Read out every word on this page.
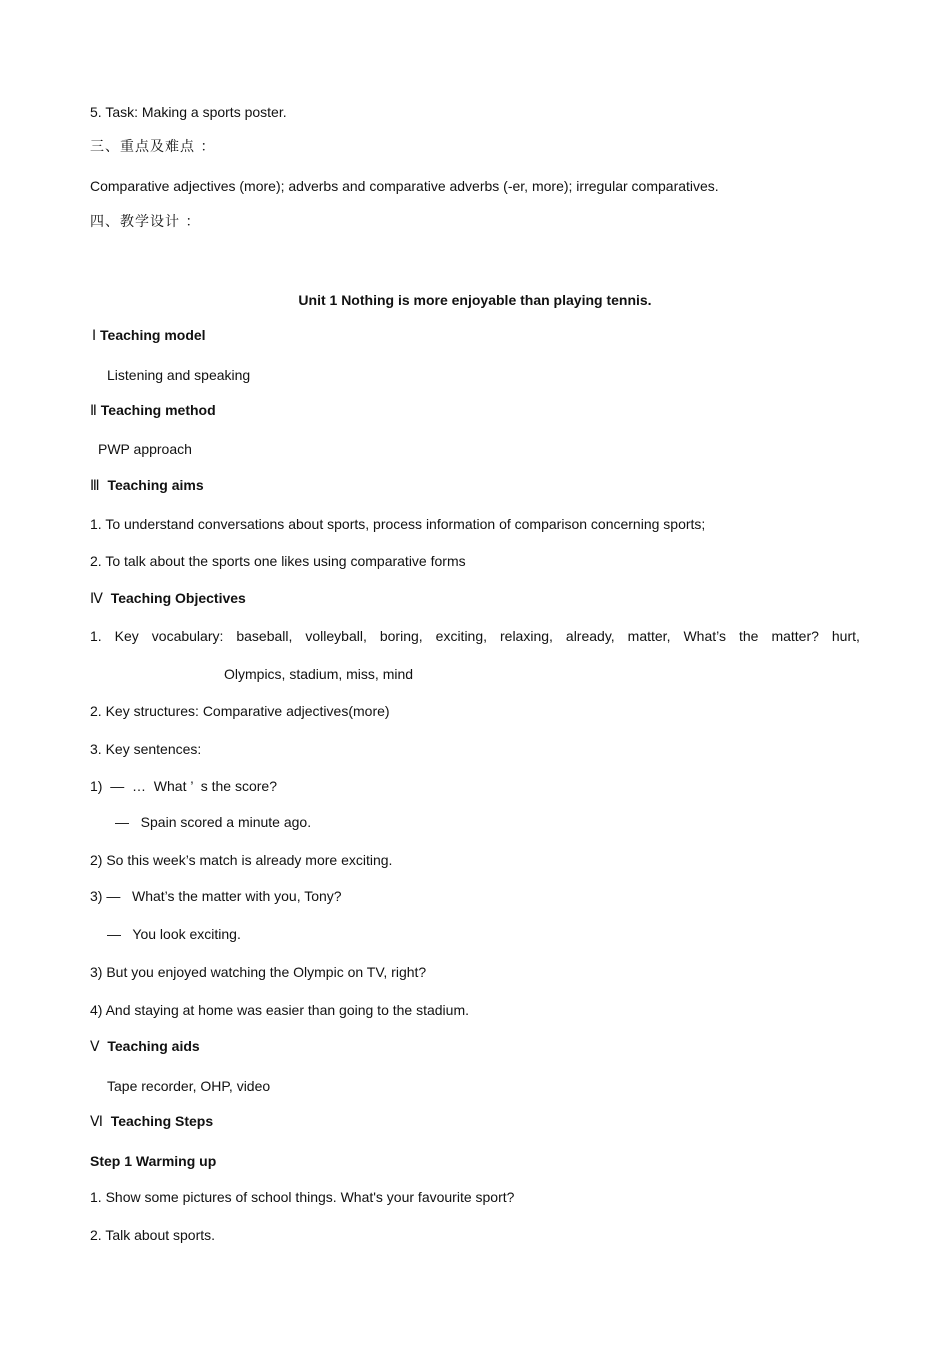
5. Task: Making a sports poster.
三、重点及难点 ：
Comparative adjectives (more); adverbs and comparative adverbs (-er, more); irregular comparatives.
四、教学设计 ：
Unit 1 Nothing is more enjoyable than playing tennis.
Ⅰ Teaching model
Listening and speaking
Ⅱ Teaching method
PWP approach
Ⅲ Teaching aims
1. To understand conversations about sports, process information of comparison concerning sports;
2. To talk about the sports one likes using comparative forms
Ⅳ Teaching Objectives
1. Key vocabulary: baseball, volleyball, boring, exciting, relaxing, already, matter, What’s the matter? hurt,
Olympics, stadium, miss, mind
2. Key structures: Comparative adjectives(more)
3. Key sentences:
1)  —  …  What ’  s the score?
—   Spain scored a minute ago.
2) So this week’s match is already more exciting.
3) —   What’s the matter with you, Tony?
—   You look exciting.
3) But you enjoyed watching the Olympic on TV, right?
4) And staying at home was easier than going to the stadium.
Ⅴ Teaching aids
Tape recorder, OHP, video
Ⅵ Teaching Steps
Step 1 Warming up
1. Show some pictures of school things. What's your favourite sport?
2. Talk about sports.
